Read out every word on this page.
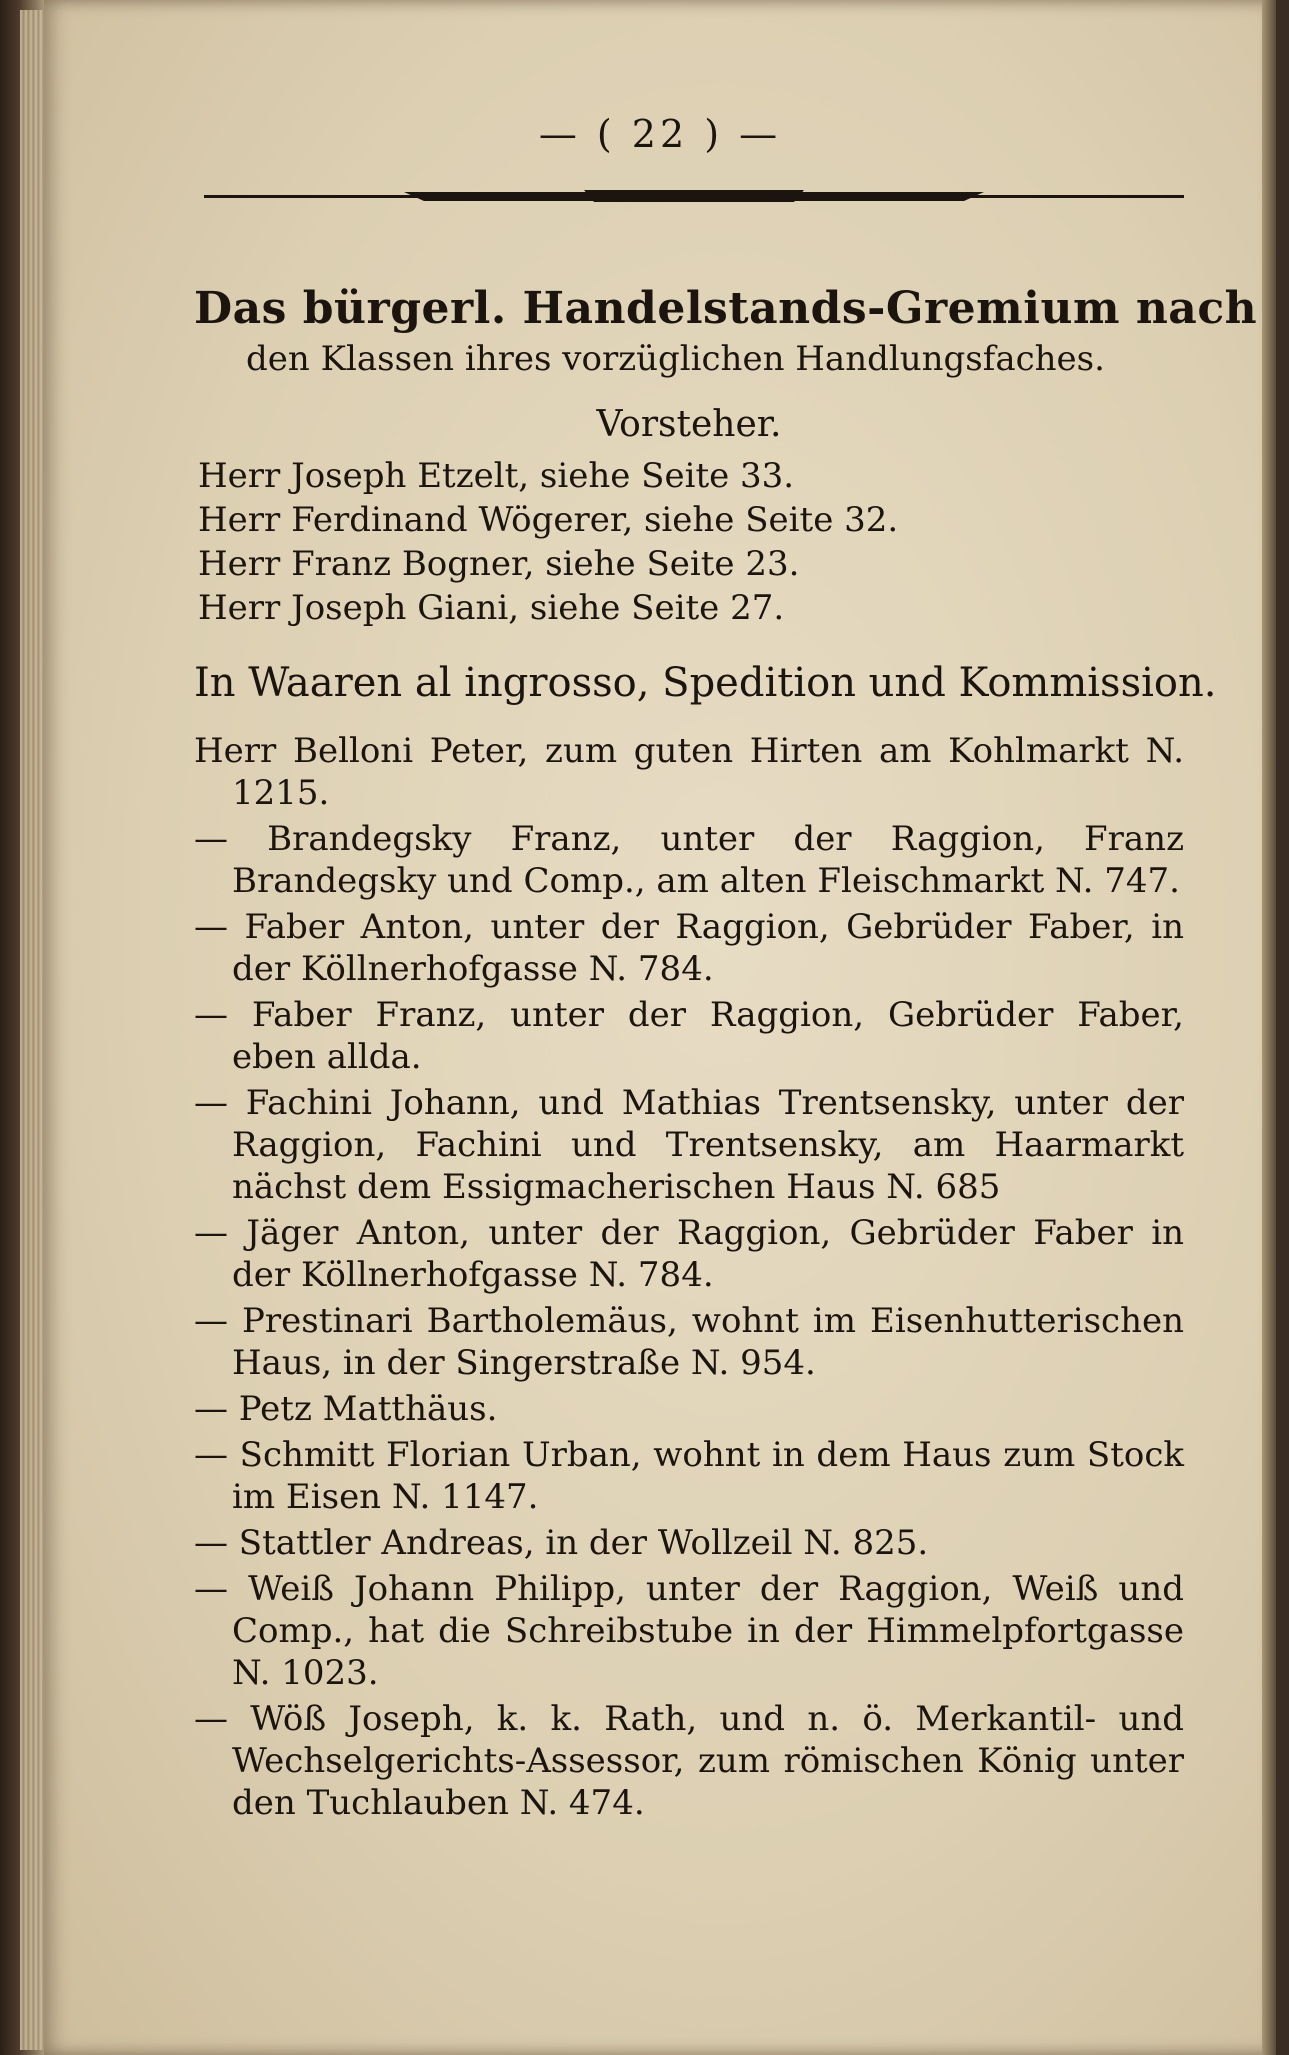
— ( 22 ) —

Das bürgerl. Handelstands-Gremium nach

den Klassen ihres vorzüglichen Handlungsfaches.

Vorsteher.

Herr Joseph Etzelt, siehe Seite 33.

Herr Ferdinand Wögerer, siehe Seite 32.

Herr Franz Bogner, siehe Seite 23.

Herr Joseph Giani, siehe Seite 27.

In Waaren al ingrosso, Spedition und Kommission.

Herr Belloni Peter, zum guten Hirten am Kohlmarkt N. 1215.

— Brandegsky Franz, unter der Raggion, Franz Brandegsky und Comp., am alten Fleischmarkt N. 747.

— Faber Anton, unter der Raggion, Gebrüder Faber, in der Köllnerhofgasse N. 784.

— Faber Franz, unter der Raggion, Gebrüder Faber, eben allda.

— Fachini Johann, und Mathias Trentsensky, unter der Raggion, Fachini und Trentsensky, am Haarmarkt nächst dem Essigmacherischen Haus N. 685

— Jäger Anton, unter der Raggion, Gebrüder Faber in der Köllnerhofgasse N. 784.

— Prestinari Bartholemäus, wohnt im Eisenhutterischen Haus, in der Singerstraße N. 954.

— Petz Matthäus.

— Schmitt Florian Urban, wohnt in dem Haus zum Stock im Eisen N. 1147.

— Stattler Andreas, in der Wollzeil N. 825.

— Weiß Johann Philipp, unter der Raggion, Weiß und Comp., hat die Schreibstube in der Himmelpfortgasse N. 1023.

— Wöß Joseph, k. k. Rath, und n. ö. Merkantil- und Wechselgerichts-Assessor, zum römischen König unter den Tuchlauben N. 474.
